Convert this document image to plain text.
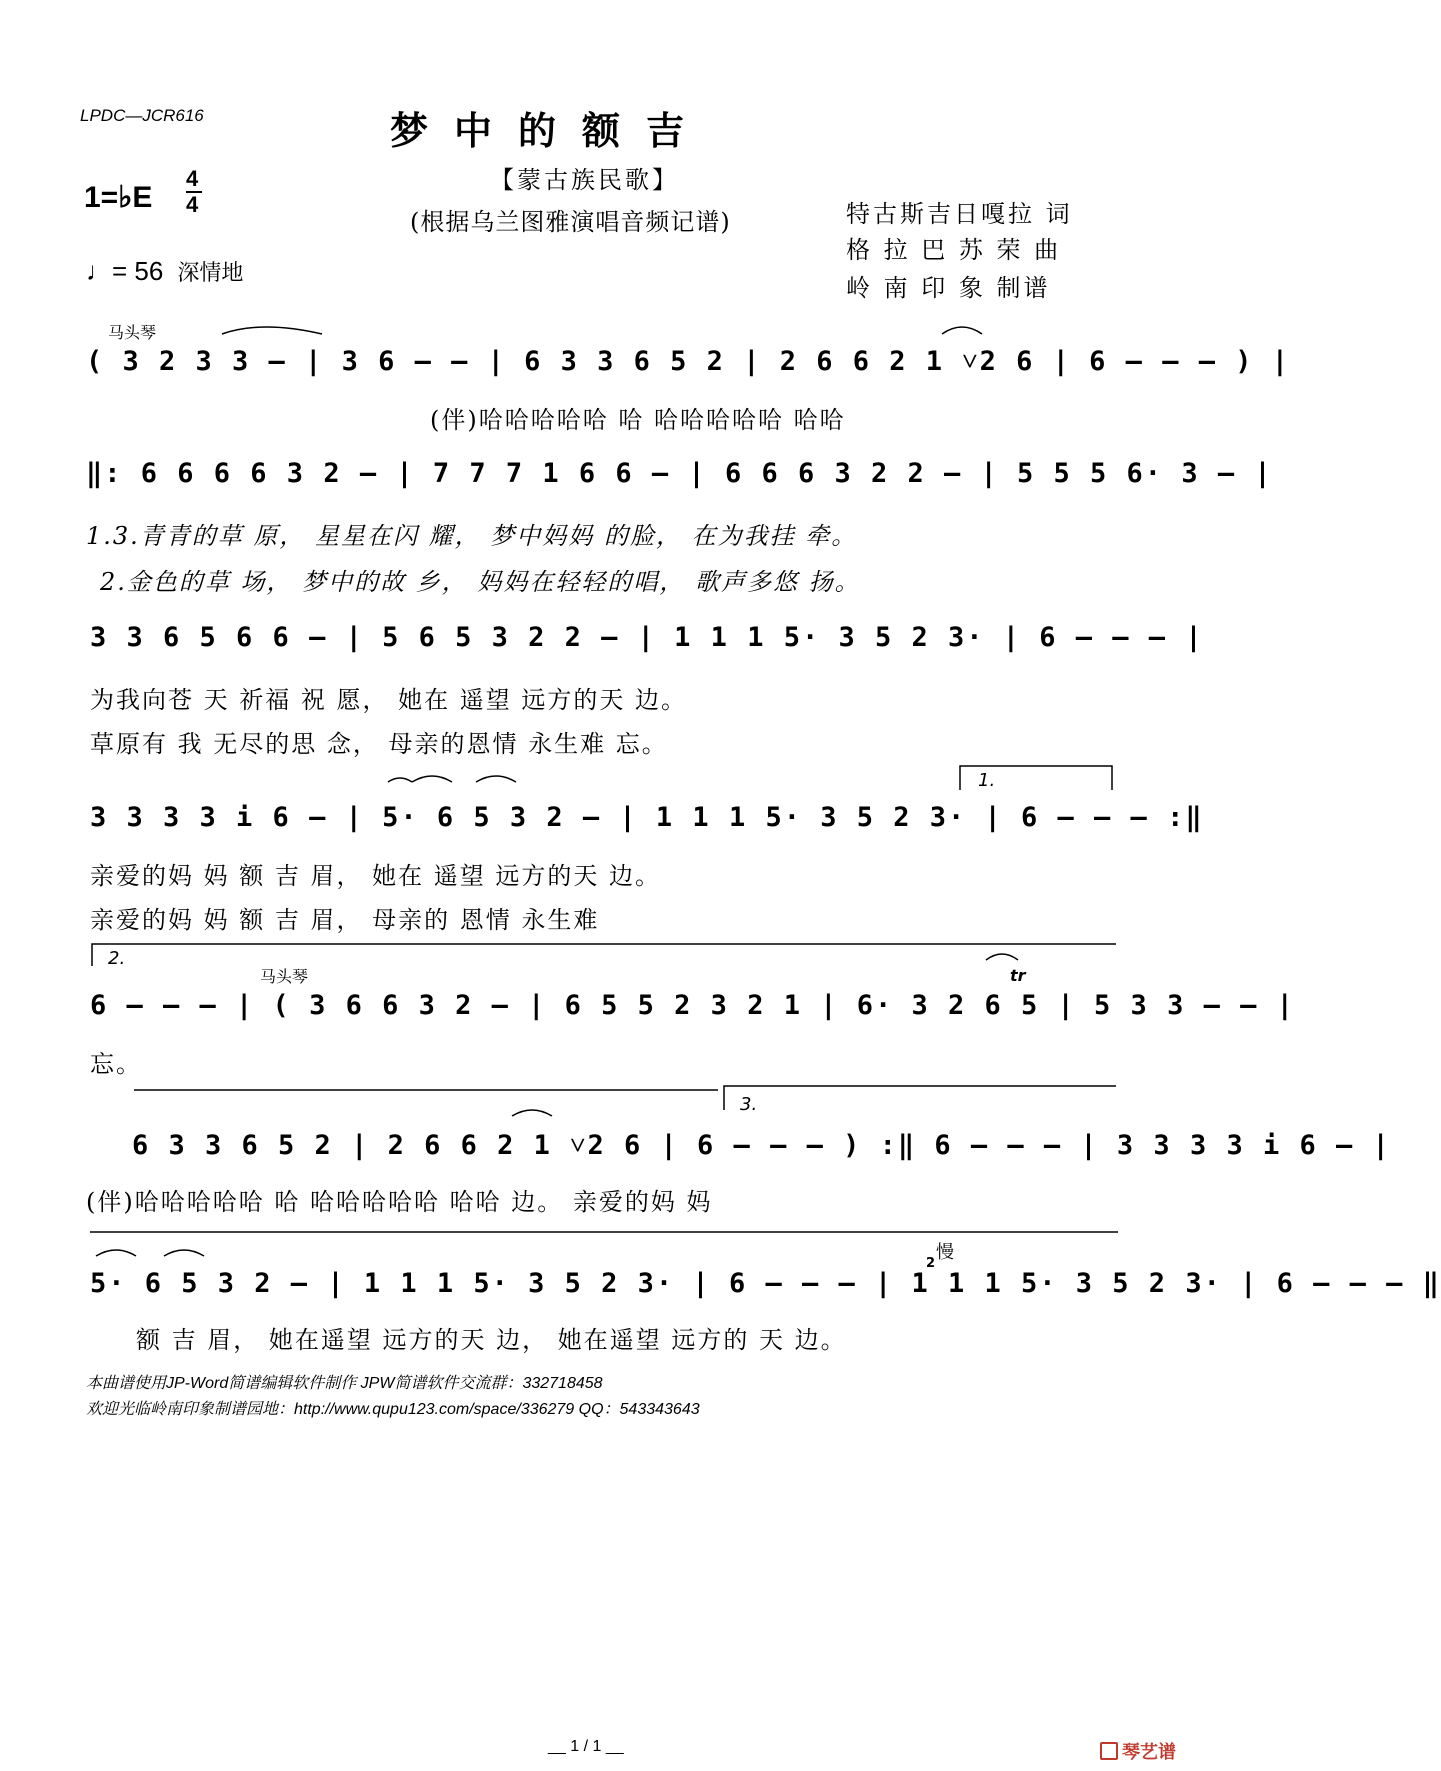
LPDC—JCR616	梦中的额吉
【蒙古族民歌】
(根据乌兰图雅演唱音频记谱)
1=♭E
4
4
♩= 56 深情地
特古斯吉日嘎拉 词
格 拉 巴 苏 荣 曲
岭 南 印 象 制谱
马头琴
( 3 2 3 3 – | 3 6 – – | 6 3 3 6 5 2 | 2 6 6 2 1 ˅2 6 | 6 – – – ) |
(伴)哈哈哈哈哈 哈 哈哈哈哈哈 哈哈
‖: 6 6 6 6 3 2 – | 7 7 7 1 6 6 – | 6 6 6 3 2 2 – | 5 5 5 6· 3 – |
1.3.青青的草 原， 星星在闪 耀， 梦中妈妈 的脸， 在为我挂 牵。
2.金色的草 场， 梦中的故 乡， 妈妈在轻轻的唱， 歌声多悠 扬。
3 3 6 5 6 6 – | 5 6 5 3 2 2 – | 1 1 1 5· 3 5 2 3· | 6 – – – |
为我向苍 天 祈福 祝 愿， 她在 遥望 远方的天 边。
草原有 我 无尽的思 念， 母亲的恩情 永生难 忘。
1.
3 3 3 3 i 6 – | 5· 6 5 3 2 – | 1 1 1 5· 3 5 2 3· | 6 – – – :‖
亲爱的妈 妈 额 吉 眉， 她在 遥望 远方的天 边。
亲爱的妈 妈 额 吉 眉， 母亲的 恩情 永生难
2.
马头琴	tr
6 – – – | ( 3 6 6 3 2 – | 6 5 5 2 3 2 1 | 6· 3 2 6 5 | 5 3 3 – – |
忘。
3.
6 3 3 6 5 2 | 2 6 6 2 1 ˅2 6 | 6 – – – ) :‖ 6 – – – | 3 3 3 3 i 6 – |
(伴)哈哈哈哈哈 哈 哈哈哈哈哈 哈哈 边。 亲爱的妈 妈
慢
2
5· 6 5 3 2 – | 1 1 1 5· 3 5 2 3· | 6 – – – | 1 1 1 5· 3 5 2 3· | 6 – – – ‖
额 吉 眉， 她在遥望 远方的天 边， 她在遥望 远方的 天 边。
本曲谱使用JP-Word简谱编辑软件制作 JPW简谱软件交流群：332718458
欢迎光临岭南印象制谱园地：http://www.qupu123.com/space/336279 QQ：543343643
__ 1 / 1 __	琴艺谱
